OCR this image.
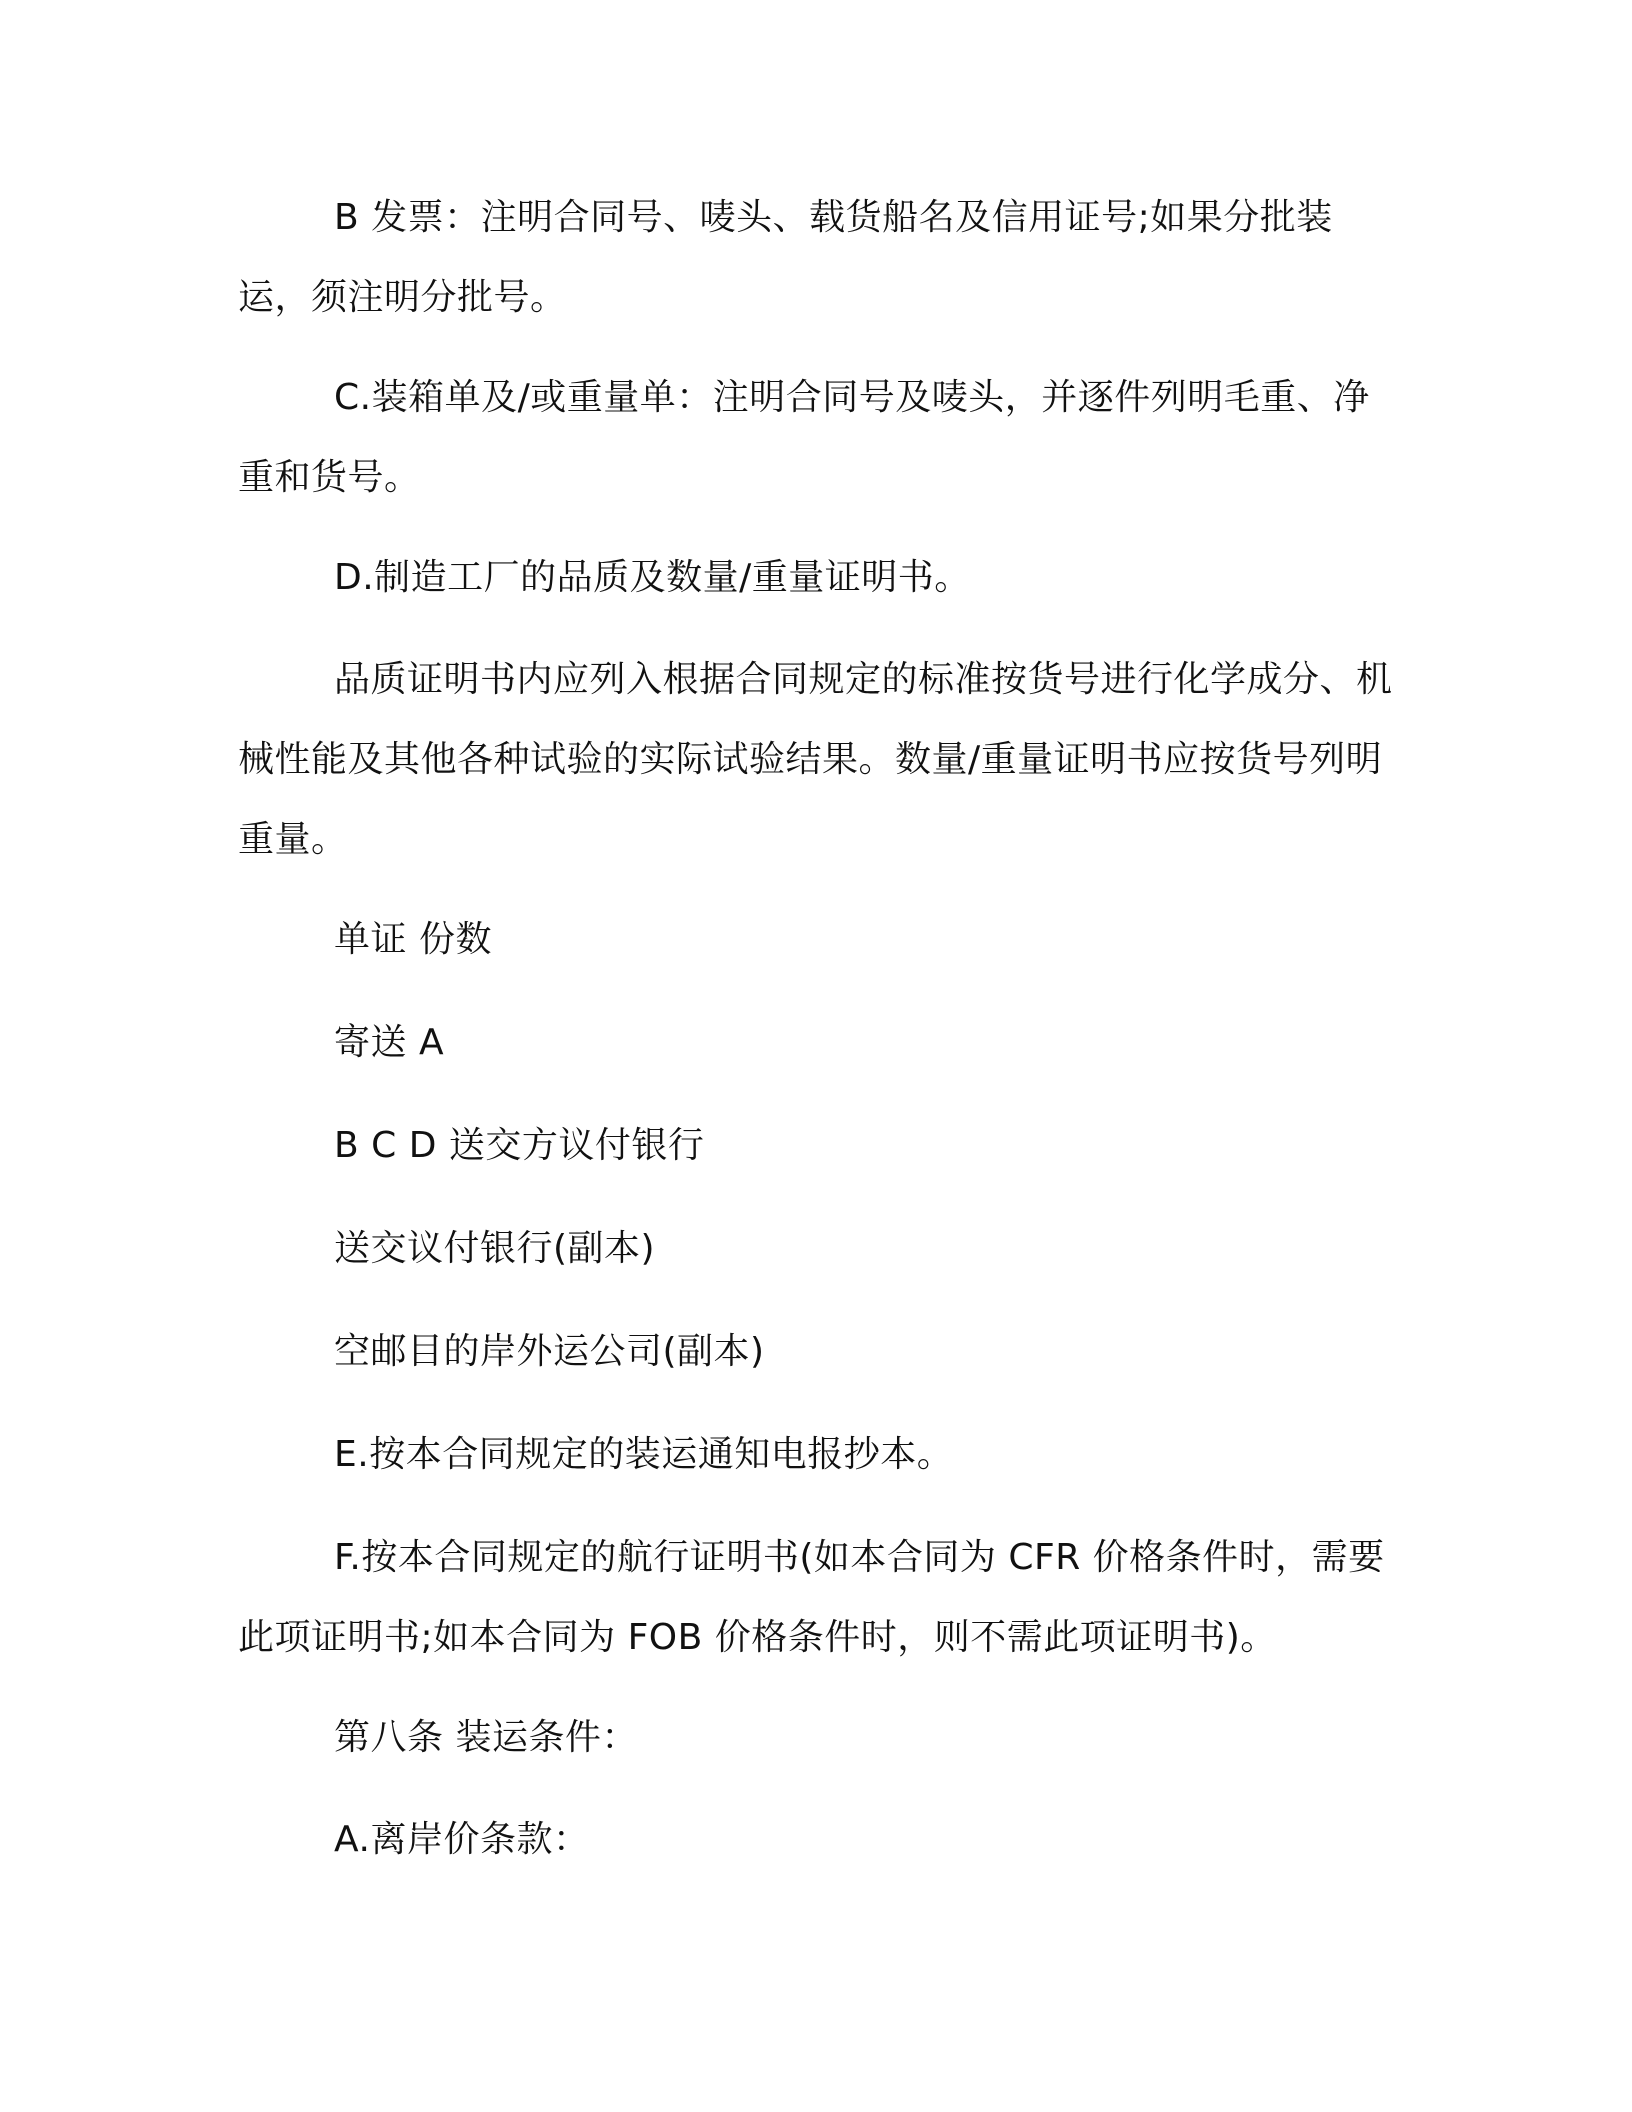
B 发票：注明合同号、唛头、载货船名及信用证号;如果分批装运，须注明分批号。

C.装箱单及/或重量单：注明合同号及唛头，并逐件列明毛重、净重和货号。

D.制造工厂的品质及数量/重量证明书。

品质证明书内应列入根据合同规定的标准按货号进行化学成分、机械性能及其他各种试验的实际试验结果。数量/重量证明书应按货号列明重量。

单证 份数

寄送 A

B C D 送交方议付银行

送交议付银行(副本)

空邮目的岸外运公司(副本)

E.按本合同规定的装运通知电报抄本。

F.按本合同规定的航行证明书(如本合同为 CFR 价格条件时，需要此项证明书;如本合同为 FOB 价格条件时，则不需此项证明书)。

第八条 装运条件：

A.离岸价条款：
